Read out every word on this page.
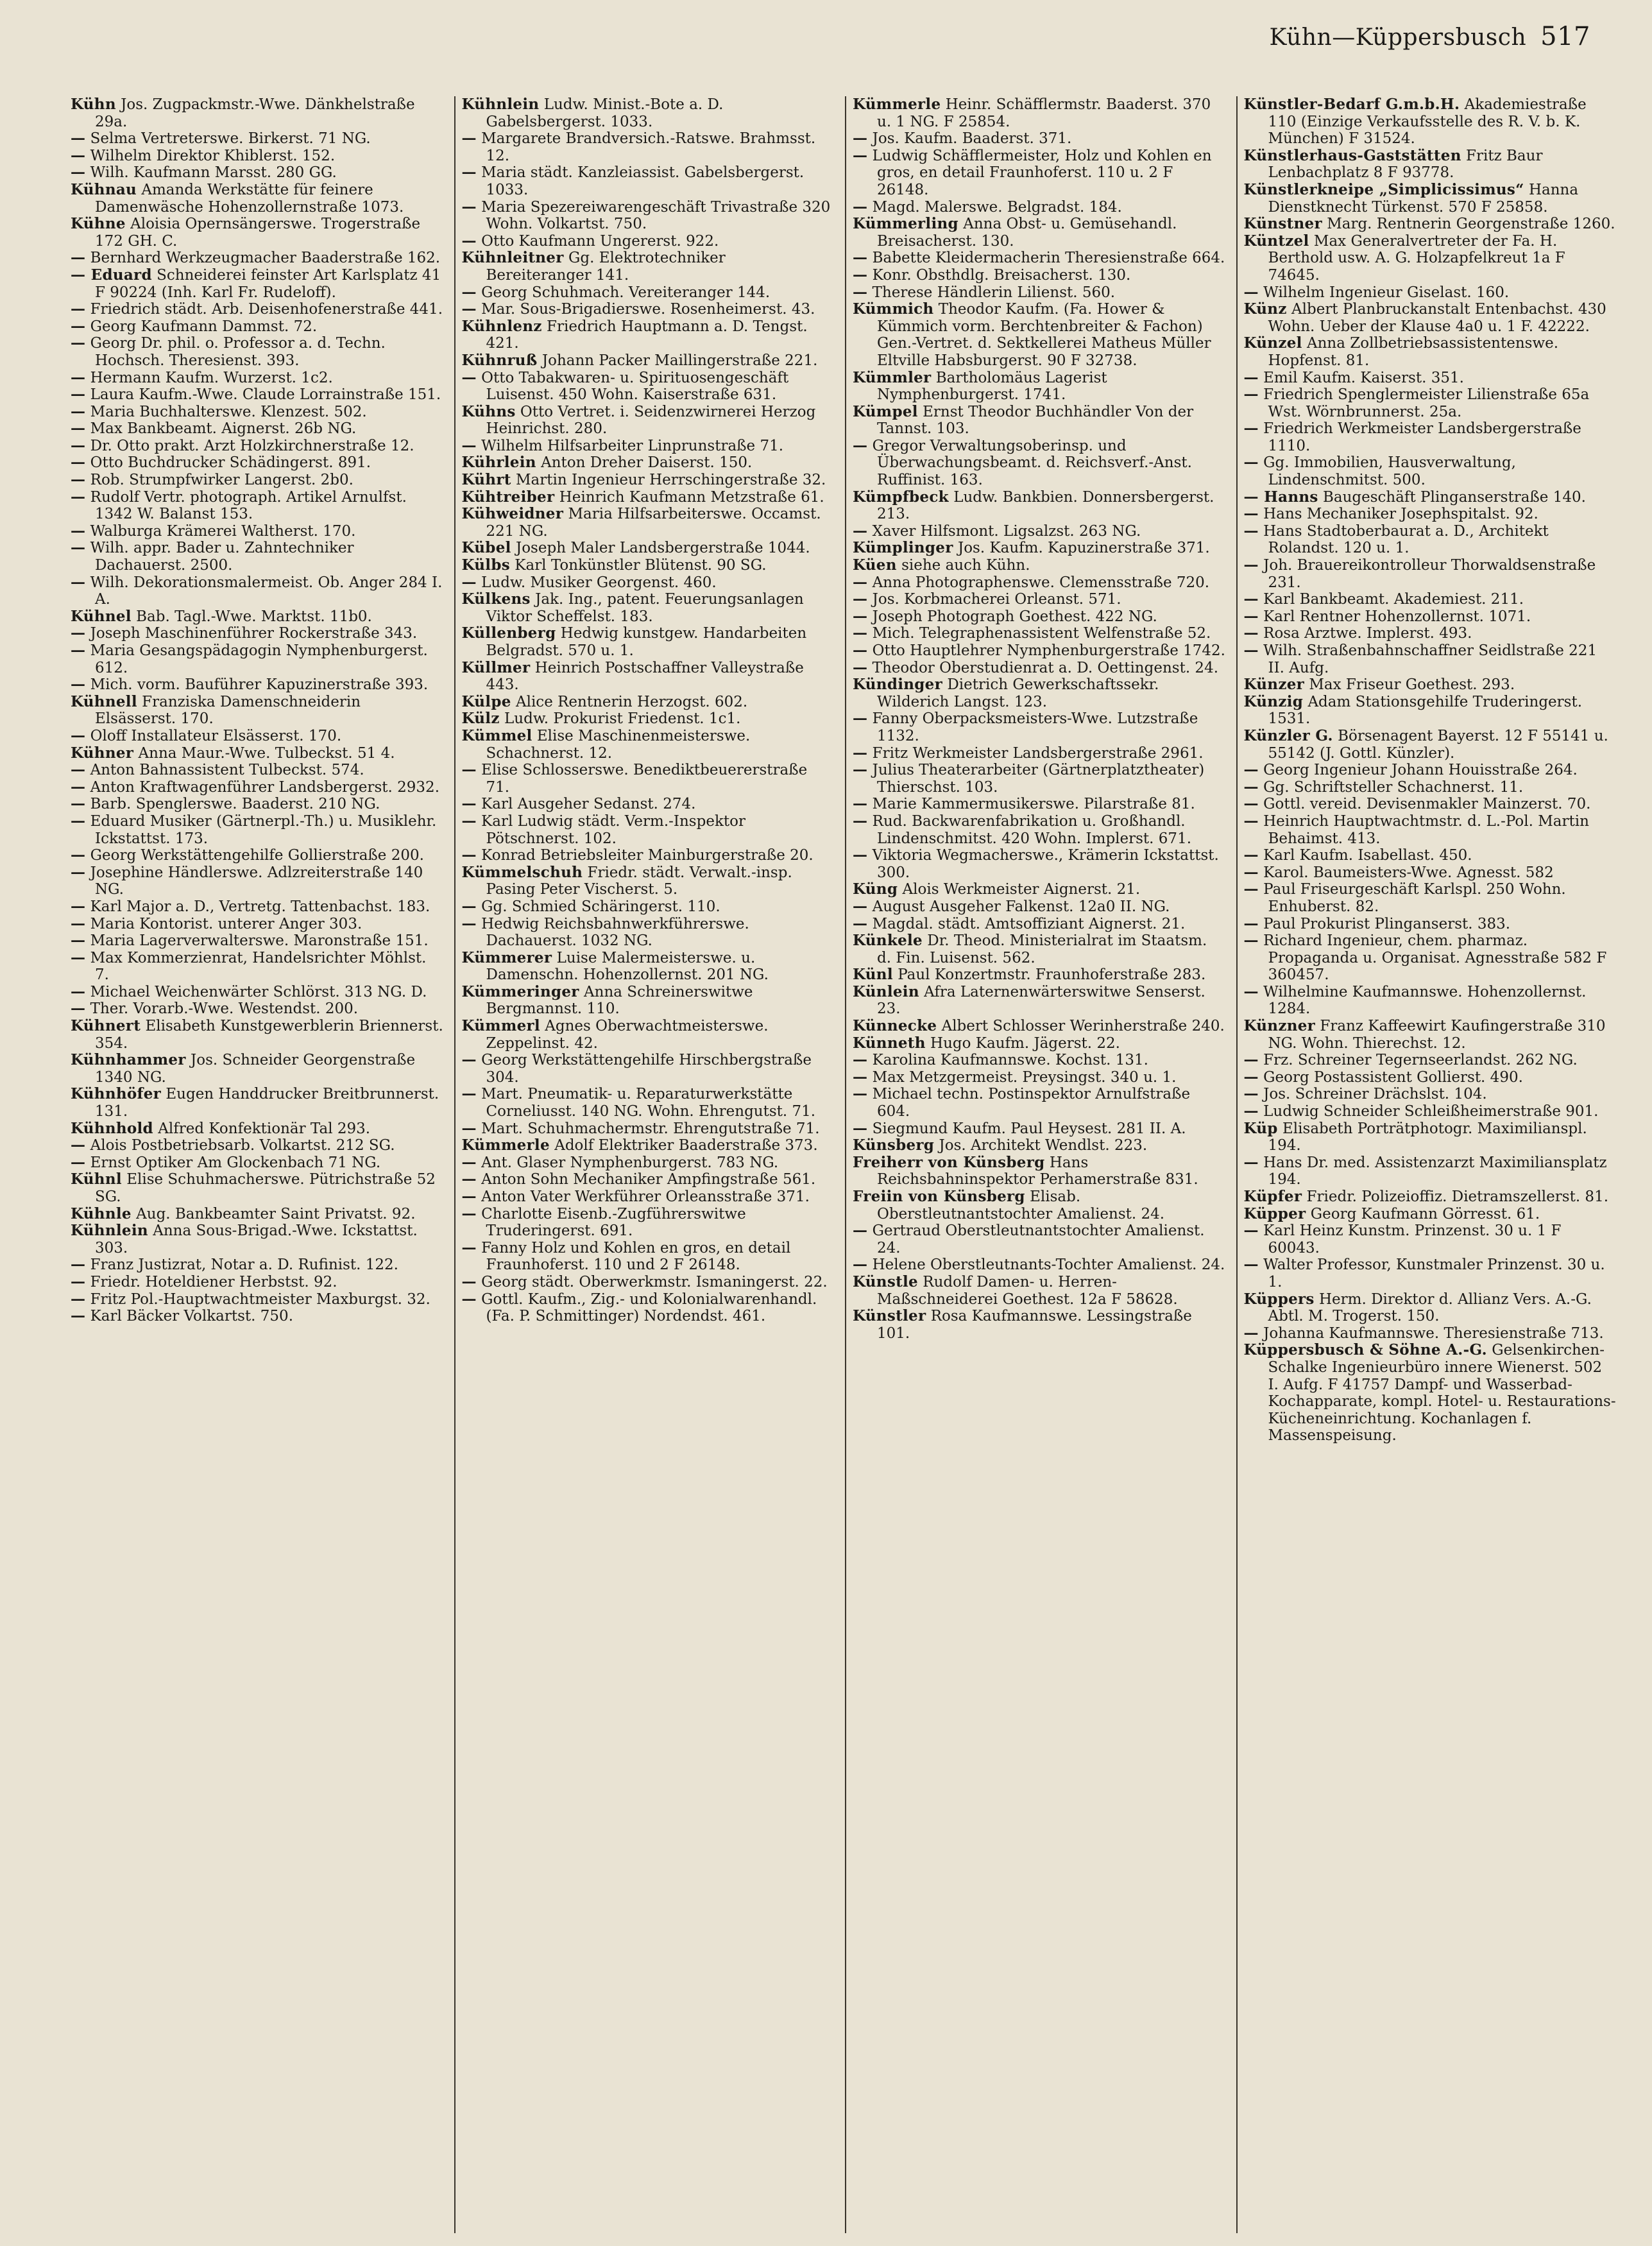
Kühn—Küppersbusch 517

Kühn Jos. Zugpackmstr.-Wwe. Dänkhelstraße 29a.

— Selma Vertreterswe. Birkerst. 71 NG.

— Wilhelm Direktor Khiblerst. 152.

— Wilh. Kaufmann Marsst. 280 GG.

Kühnau Amanda Werkstätte für feinere Damenwäsche Hohenzollernstraße 1073.

Kühne Aloisia Opernsängerswe. Trogerstraße 172 GH. C.

— Bernhard Werkzeugmacher Baaderstraße 162.

— Eduard Schneiderei feinster Art Karlsplatz 41 F 90224 (Inh. Karl Fr. Rudeloff).

— Friedrich städt. Arb. Deisenhofenerstraße 441.

— Georg Kaufmann Dammst. 72.

— Georg Dr. phil. o. Professor a. d. Techn. Hochsch. Theresienst. 393.

— Hermann Kaufm. Wurzerst. 1c2.

— Laura Kaufm.-Wwe. Claude Lorrainstraße 151.

— Maria Buchhalterswe. Klenzest. 502.

— Max Bankbeamt. Aignerst. 26b NG.

— Dr. Otto prakt. Arzt Holzkirchnerstraße 12.

— Otto Buchdrucker Schädingerst. 891.

— Rob. Strumpfwirker Langerst. 2b0.

— Rudolf Vertr. photograph. Artikel Arnulfst. 1342 W. Balanst 153.

— Walburga Krämerei Waltherst. 170.

— Wilh. appr. Bader u. Zahntechniker Dachauerst. 2500.

— Wilh. Dekorationsmalermeist. Ob. Anger 284 I. A.

Kühnel Bab. Tagl.-Wwe. Marktst. 11b0.

— Joseph Maschinenführer Rockerstraße 343.

— Maria Gesangspädagogin Nymphenburgerst. 612.

— Mich. vorm. Bauführer Kapuzinerstraße 393.

Kühnell Franziska Damenschneiderin Elsässerst. 170.

— Oloff Installateur Elsässerst. 170.

Kühner Anna Maur.-Wwe. Tulbeckst. 51 4.

— Anton Bahnassistent Tulbeckst. 574.

— Anton Kraftwagenführer Landsbergerst. 2932.

— Barb. Spenglerswe. Baaderst. 210 NG.

— Eduard Musiker (Gärtnerpl.-Th.) u. Musiklehr. Ickstattst. 173.

— Georg Werkstättengehilfe Gollierstraße 200.

— Josephine Händlerswe. Adlzreiterstraße 140 NG.

— Karl Major a. D., Vertretg. Tattenbachst. 183.

— Maria Kontorist. unterer Anger 303.

— Maria Lagerverwalterswe. Maronstraße 151.

— Max Kommerzienrat, Handelsrichter Möhlst. 7.

— Michael Weichenwärter Schlörst. 313 NG. D.

— Ther. Vorarb.-Wwe. Westendst. 200.

Kühnert Elisabeth Kunstgewerblerin Briennerst. 354.

Kühnhammer Jos. Schneider Georgenstraße 1340 NG.

Kühnhöfer Eugen Handdrucker Breitbrunnerst. 131.

Kühnhold Alfred Konfektionär Tal 293.

— Alois Postbetriebsarb. Volkartst. 212 SG.

— Ernst Optiker Am Glockenbach 71 NG.

Kühnl Elise Schuhmacherswe. Pütrichstraße 52 SG.

Kühnle Aug. Bankbeamter Saint Privatst. 92.

Kühnlein Anna Sous-Brigad.-Wwe. Ickstattst. 303.

— Franz Justizrat, Notar a. D. Rufinist. 122.

— Friedr. Hoteldiener Herbstst. 92.

— Fritz Pol.-Hauptwachtmeister Maxburgst. 32.

— Karl Bäcker Volkartst. 750.

Kühnlein Ludw. Minist.-Bote a. D. Gabelsbergerst. 1033.

— Margarete Brandversich.-Ratswe. Brahmsst. 12.

— Maria städt. Kanzleiassist. Gabelsbergerst. 1033.

— Maria Spezereiwarengeschäft Trivastraße 320 Wohn. Volkartst. 750.

— Otto Kaufmann Ungererst. 922.

Kühnleitner Gg. Elektrotechniker Bereiteranger 141.

— Georg Schuhmach. Vereiteranger 144.

— Mar. Sous-Brigadierswe. Rosenheimerst. 43.

Kühnlenz Friedrich Hauptmann a. D. Tengst. 421.

Kühnruß Johann Packer Maillingerstraße 221.

— Otto Tabakwaren- u. Spirituosengeschäft Luisenst. 450 Wohn. Kaiserstraße 631.

Kühns Otto Vertret. i. Seidenzwirnerei Herzog Heinrichst. 280.

— Wilhelm Hilfsarbeiter Linprunstraße 71.

Kührlein Anton Dreher Daiserst. 150.

Kührt Martin Ingenieur Herrschingerstraße 32.

Kühtreiber Heinrich Kaufmann Metzstraße 61.

Kühweidner Maria Hilfsarbeiterswe. Occamst. 221 NG.

Kübel Joseph Maler Landsbergerstraße 1044.

Külbs Karl Tonkünstler Blütenst. 90 SG.

— Ludw. Musiker Georgenst. 460.

Külkens Jak. Ing., patent. Feuerungsanlagen Viktor Scheffelst. 183.

Küllenberg Hedwig kunstgew. Handarbeiten Belgradst. 570 u. 1.

Küllmer Heinrich Postschaffner Valleystraße 443.

Külpe Alice Rentnerin Herzogst. 602.

Külz Ludw. Prokurist Friedenst. 1c1.

Kümmel Elise Maschinenmeisterswe. Schachnerst. 12.

— Elise Schlosserswe. Benediktbeuererstraße 71.

— Karl Ausgeher Sedanst. 274.

— Karl Ludwig städt. Verm.-Inspektor Pötschnerst. 102.

— Konrad Betriebsleiter Mainburgerstraße 20.

Kümmelschuh Friedr. städt. Verwalt.-insp. Pasing Peter Vischerst. 5.

— Gg. Schmied Schäringerst. 110.

— Hedwig Reichsbahnwerkführerswe. Dachauerst. 1032 NG.

Kümmerer Luise Malermeisterswe. u. Damenschn. Hohenzollernst. 201 NG.

Kümmeringer Anna Schreinerswitwe Bergmannst. 110.

Kümmerl Agnes Oberwachtmeisterswe. Zeppelinst. 42.

— Georg Werkstättengehilfe Hirschbergstraße 304.

— Mart. Pneumatik- u. Reparaturwerkstätte Corneliusst. 140 NG. Wohn. Ehrengutst. 71.

— Mart. Schuhmachermstr. Ehrengutstraße 71.

Kümmerle Adolf Elektriker Baaderstraße 373.

— Ant. Glaser Nymphenburgerst. 783 NG.

— Anton Sohn Mechaniker Ampfingstraße 561.

— Anton Vater Werkführer Orleansstraße 371.

— Charlotte Eisenb.-Zugführerswitwe Truderingerst. 691.

— Fanny Holz und Kohlen en gros, en detail Fraunhoferst. 110 und 2 F 26148.

— Georg städt. Oberwerkmstr. Ismaningerst. 22.

— Gottl. Kaufm., Zig.- und Kolonialwarenhandl. (Fa. P. Schmittinger) Nordendst. 461.

Kümmerle Heinr. Schäfflermstr. Baaderst. 370 u. 1 NG. F 25854.

— Jos. Kaufm. Baaderst. 371.

— Ludwig Schäfflermeister, Holz und Kohlen en gros, en detail Fraunhoferst. 110 u. 2 F 26148.

— Magd. Malerswe. Belgradst. 184.

Kümmerling Anna Obst- u. Gemüsehandl. Breisacherst. 130.

— Babette Kleidermacherin Theresienstraße 664.

— Konr. Obsthdlg. Breisacherst. 130.

— Therese Händlerin Lilienst. 560.

Kümmich Theodor Kaufm. (Fa. Hower & Kümmich vorm. Berchtenbreiter & Fachon) Gen.-Vertret. d. Sektkellerei Matheus Müller Eltville Habsburgerst. 90 F 32738.

Kümmler Bartholomäus Lagerist Nymphenburgerst. 1741.

Kümpel Ernst Theodor Buchhändler Von der Tannst. 103.

— Gregor Verwaltungsoberinsp. und Überwachungsbeamt. d. Reichsverf.-Anst. Ruffinist. 163.

Kümpfbeck Ludw. Bankbien. Donnersbergerst. 213.

— Xaver Hilfsmont. Ligsalzst. 263 NG.

Kümplinger Jos. Kaufm. Kapuzinerstraße 371.

Küen siehe auch Kühn.

— Anna Photographenswe. Clemensstraße 720.

— Jos. Korbmacherei Orleanst. 571.

— Joseph Photograph Goethest. 422 NG.

— Mich. Telegraphenassistent Welfenstraße 52.

— Otto Hauptlehrer Nymphenburgerstraße 1742.

— Theodor Oberstudienrat a. D. Oettingenst. 24.

Kündinger Dietrich Gewerkschaftssekr. Wilderich Langst. 123.

— Fanny Oberpacksmeisters-Wwe. Lutzstraße 1132.

— Fritz Werkmeister Landsbergerstraße 2961.

— Julius Theaterarbeiter (Gärtnerplatztheater) Thierschst. 103.

— Marie Kammermusikerswe. Pilarstraße 81.

— Rud. Backwarenfabrikation u. Großhandl. Lindenschmitst. 420 Wohn. Implerst. 671.

— Viktoria Wegmacherswe., Krämerin Ickstattst. 300.

Küng Alois Werkmeister Aignerst. 21.

— August Ausgeher Falkenst. 12a0 II. NG.

— Magdal. städt. Amtsoffiziant Aignerst. 21.

Künkele Dr. Theod. Ministerialrat im Staatsm. d. Fin. Luisenst. 562.

Künl Paul Konzertmstr. Fraunhoferstraße 283.

Künlein Afra Laternenwärterswitwe Senserst. 23.

Künnecke Albert Schlosser Werinherstraße 240.

Künneth Hugo Kaufm. Jägerst. 22.

— Karolina Kaufmannswe. Kochst. 131.

— Max Metzgermeist. Preysingst. 340 u. 1.

— Michael techn. Postinspektor Arnulfstraße 604.

— Siegmund Kaufm. Paul Heysest. 281 II. A.

Künsberg Jos. Architekt Wendlst. 223.

Freiherr von Künsberg Hans Reichsbahninspektor Perhamerstraße 831.

Freiin von Künsberg Elisab. Oberstleutnantstochter Amalienst. 24.

— Gertraud Oberstleutnantstochter Amalienst. 24.

— Helene Oberstleutnants-Tochter Amalienst. 24.

Künstle Rudolf Damen- u. Herren-Maßschneiderei Goethest. 12a F 58628.

Künstler Rosa Kaufmannswe. Lessingstraße 101.

Künstler-Bedarf G.m.b.H. Akademiestraße 110 (Einzige Verkaufsstelle des R. V. b. K. München) F 31524.

Künstlerhaus-Gaststätten Fritz Baur Lenbachplatz 8 F 93778.

Künstlerkneipe „Simplicissimus“ Hanna Dienstknecht Türkenst. 570 F 25858.

Künstner Marg. Rentnerin Georgenstraße 1260.

Küntzel Max Generalvertreter der Fa. H. Berthold usw. A. G. Holzapfelkreut 1a F 74645.

— Wilhelm Ingenieur Giselast. 160.

Künz Albert Planbruckanstalt Entenbachst. 430 Wohn. Ueber der Klause 4a0 u. 1 F. 42222.

Künzel Anna Zollbetriebsassistentenswe. Hopfenst. 81.

— Emil Kaufm. Kaiserst. 351.

— Friedrich Spenglermeister Lilienstraße 65a Wst. Wörnbrunnerst. 25a.

— Friedrich Werkmeister Landsbergerstraße 1110.

— Gg. Immobilien, Hausverwaltung, Lindenschmitst. 500.

— Hanns Baugeschäft Plinganserstraße 140.

— Hans Mechaniker Josephspitalst. 92.

— Hans Stadtoberbaurat a. D., Architekt Rolandst. 120 u. 1.

— Joh. Brauereikontrolleur Thorwaldsenstraße 231.

— Karl Bankbeamt. Akademiest. 211.

— Karl Rentner Hohenzollernst. 1071.

— Rosa Arztwe. Implerst. 493.

— Wilh. Straßenbahnschaffner Seidlstraße 221 II. Aufg.

Künzer Max Friseur Goethest. 293.

Künzig Adam Stationsgehilfe Truderingerst. 1531.

Künzler G. Börsenagent Bayerst. 12 F 55141 u. 55142 (J. Gottl. Künzler).

— Georg Ingenieur Johann Houisstraße 264.

— Gg. Schriftsteller Schachnerst. 11.

— Gottl. vereid. Devisenmakler Mainzerst. 70.

— Heinrich Hauptwachtmstr. d. L.-Pol. Martin Behaimst. 413.

— Karl Kaufm. Isabellast. 450.

— Karol. Baumeisters-Wwe. Agnesst. 582

— Paul Friseurgeschäft Karlspl. 250 Wohn. Enhuberst. 82.

— Paul Prokurist Plinganserst. 383.

— Richard Ingenieur, chem. pharmaz. Propaganda u. Organisat. Agnesstraße 582 F 360457.

— Wilhelmine Kaufmannswe. Hohenzollernst. 1284.

Künzner Franz Kaffeewirt Kaufingerstraße 310 NG. Wohn. Thierechst. 12.

— Frz. Schreiner Tegernseerlandst. 262 NG.

— Georg Postassistent Gollierst. 490.

— Jos. Schreiner Drächslst. 104.

— Ludwig Schneider Schleißheimerstraße 901.

Küp Elisabeth Porträtphotogr. Maximilianspl. 194.

— Hans Dr. med. Assistenzarzt Maximiliansplatz 194.

Küpfer Friedr. Polizeioffiz. Dietramszellerst. 81.

Küpper Georg Kaufmann Görresst. 61.

— Karl Heinz Kunstm. Prinzenst. 30 u. 1 F 60043.

— Walter Professor, Kunstmaler Prinzenst. 30 u. 1.

Küppers Herm. Direktor d. Allianz Vers. A.-G. Abtl. M. Trogerst. 150.

— Johanna Kaufmannswe. Theresienstraße 713.

Küppersbusch & Söhne A.-G. Gelsenkirchen-Schalke Ingenieurbüro innere Wienerst. 502 I. Aufg. F 41757 Dampf- und Wasserbad-Kochapparate, kompl. Hotel- u. Restaurations-Kücheneinrichtung. Kochanlagen f. Massenspeisung.
